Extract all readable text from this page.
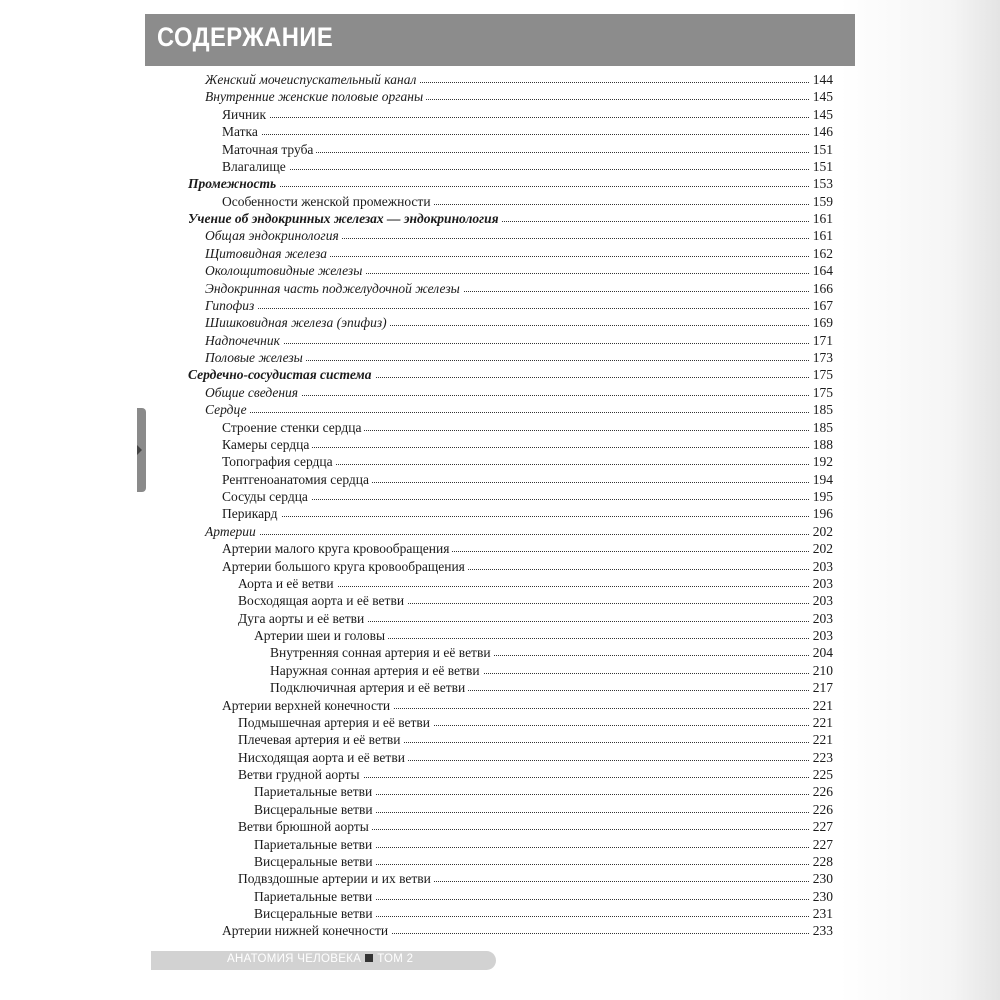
СОДЕРЖАНИЕ
Женский мочеиспускательный канал	144
Внутренние женские половые органы	145
Яичник	145
Матка	146
Маточная труба	151
Влагалище	151
Промежность	153
Особенности женской промежности	159
Учение об эндокринных железах — эндокринология	161
Общая эндокринология	161
Щитовидная железа	162
Околощитовидные железы	164
Эндокринная часть поджелудочной железы	166
Гипофиз	167
Шишковидная железа (эпифиз)	169
Надпочечник	171
Половые железы	173
Сердечно-сосудистая система	175
Общие сведения	175
Сердце	185
Строение стенки сердца	185
Камеры сердца	188
Топография сердца	192
Рентгеноанатомия сердца	194
Сосуды сердца	195
Перикард	196
Артерии	202
Артерии малого круга кровообращения	202
Артерии большого круга кровообращения	203
Аорта и её ветви	203
Восходящая аорта и её ветви	203
Дуга аорты и её ветви	203
Артерии шеи и головы	203
Внутренняя сонная артерия и её ветви	204
Наружная сонная артерия и её ветви	210
Подключичная артерия и её ветви	217
Артерии верхней конечности	221
Подмышечная артерия и её ветви	221
Плечевая артерия и её ветви	221
Нисходящая аорта и её ветви	223
Ветви грудной аорты	225
Париетальные ветви	226
Висцеральные ветви	226
Ветви брюшной аорты	227
Париетальные ветви	227
Висцеральные ветви	228
Подвздошные артерии и их ветви	230
Париетальные ветви	230
Висцеральные ветви	231
Артерии нижней конечности	233
АНАТОМИЯ ЧЕЛОВЕКА ТОМ 2
